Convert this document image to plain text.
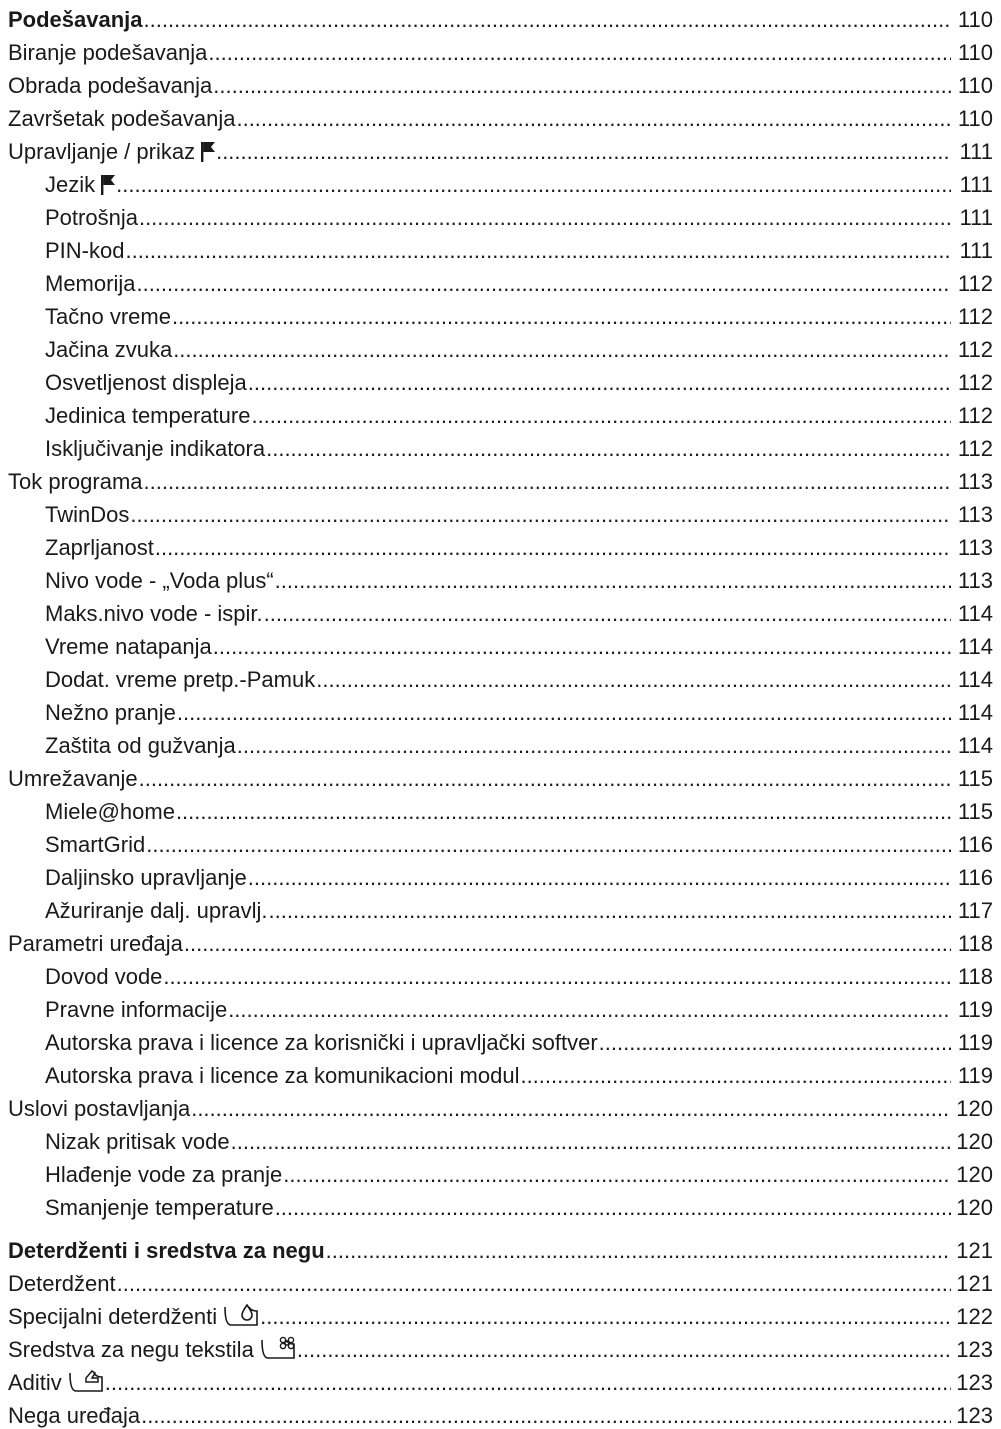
Podešavanja .....	110
Biranje podešavanja .....	110
Obrada podešavanja .....	110
Završetak podešavanja .....	110
Upravljanje / prikaz .....	111
Jezik .....	111
Potrošnja .....	111
PIN-kod .....	111
Memorija .....	112
Tačno vreme .....	112
Jačina zvuka .....	112
Osvetljenost displeja .....	112
Jedinica temperature .....	112
Isključivanje indikatora .....	112
Tok programa .....	113
TwinDos .....	113
Zaprljanost .....	113
Nivo vode - „Voda plus“ .....	113
Maks.nivo vode - ispir. .....	114
Vreme natapanja .....	114
Dodat. vreme pretp.-Pamuk .....	114
Nežno pranje .....	114
Zaštita od gužvanja .....	114
Umrežavanje .....	115
Miele@home .....	115
SmartGrid .....	116
Daljinsko upravljanje .....	116
Ažuriranje dalj. upravlj. .....	117
Parametri uređaja .....	118
Dovod vode .....	118
Pravne informacije .....	119
Autorska prava i licence za korisnički i upravljački softver .....	119
Autorska prava i licence za komunikacioni modul .....	119
Uslovi postavljanja .....	120
Nizak pritisak vode .....	120
Hlađenje vode za pranje .....	120
Smanjenje temperature .....	120
Deterdženti i sredstva za negu .....	121
Deterdžent .....	121
Specijalni deterdženti .....	122
Sredstva za negu tekstila .....	123
Aditiv .....	123
Nega uređaja .....	123
